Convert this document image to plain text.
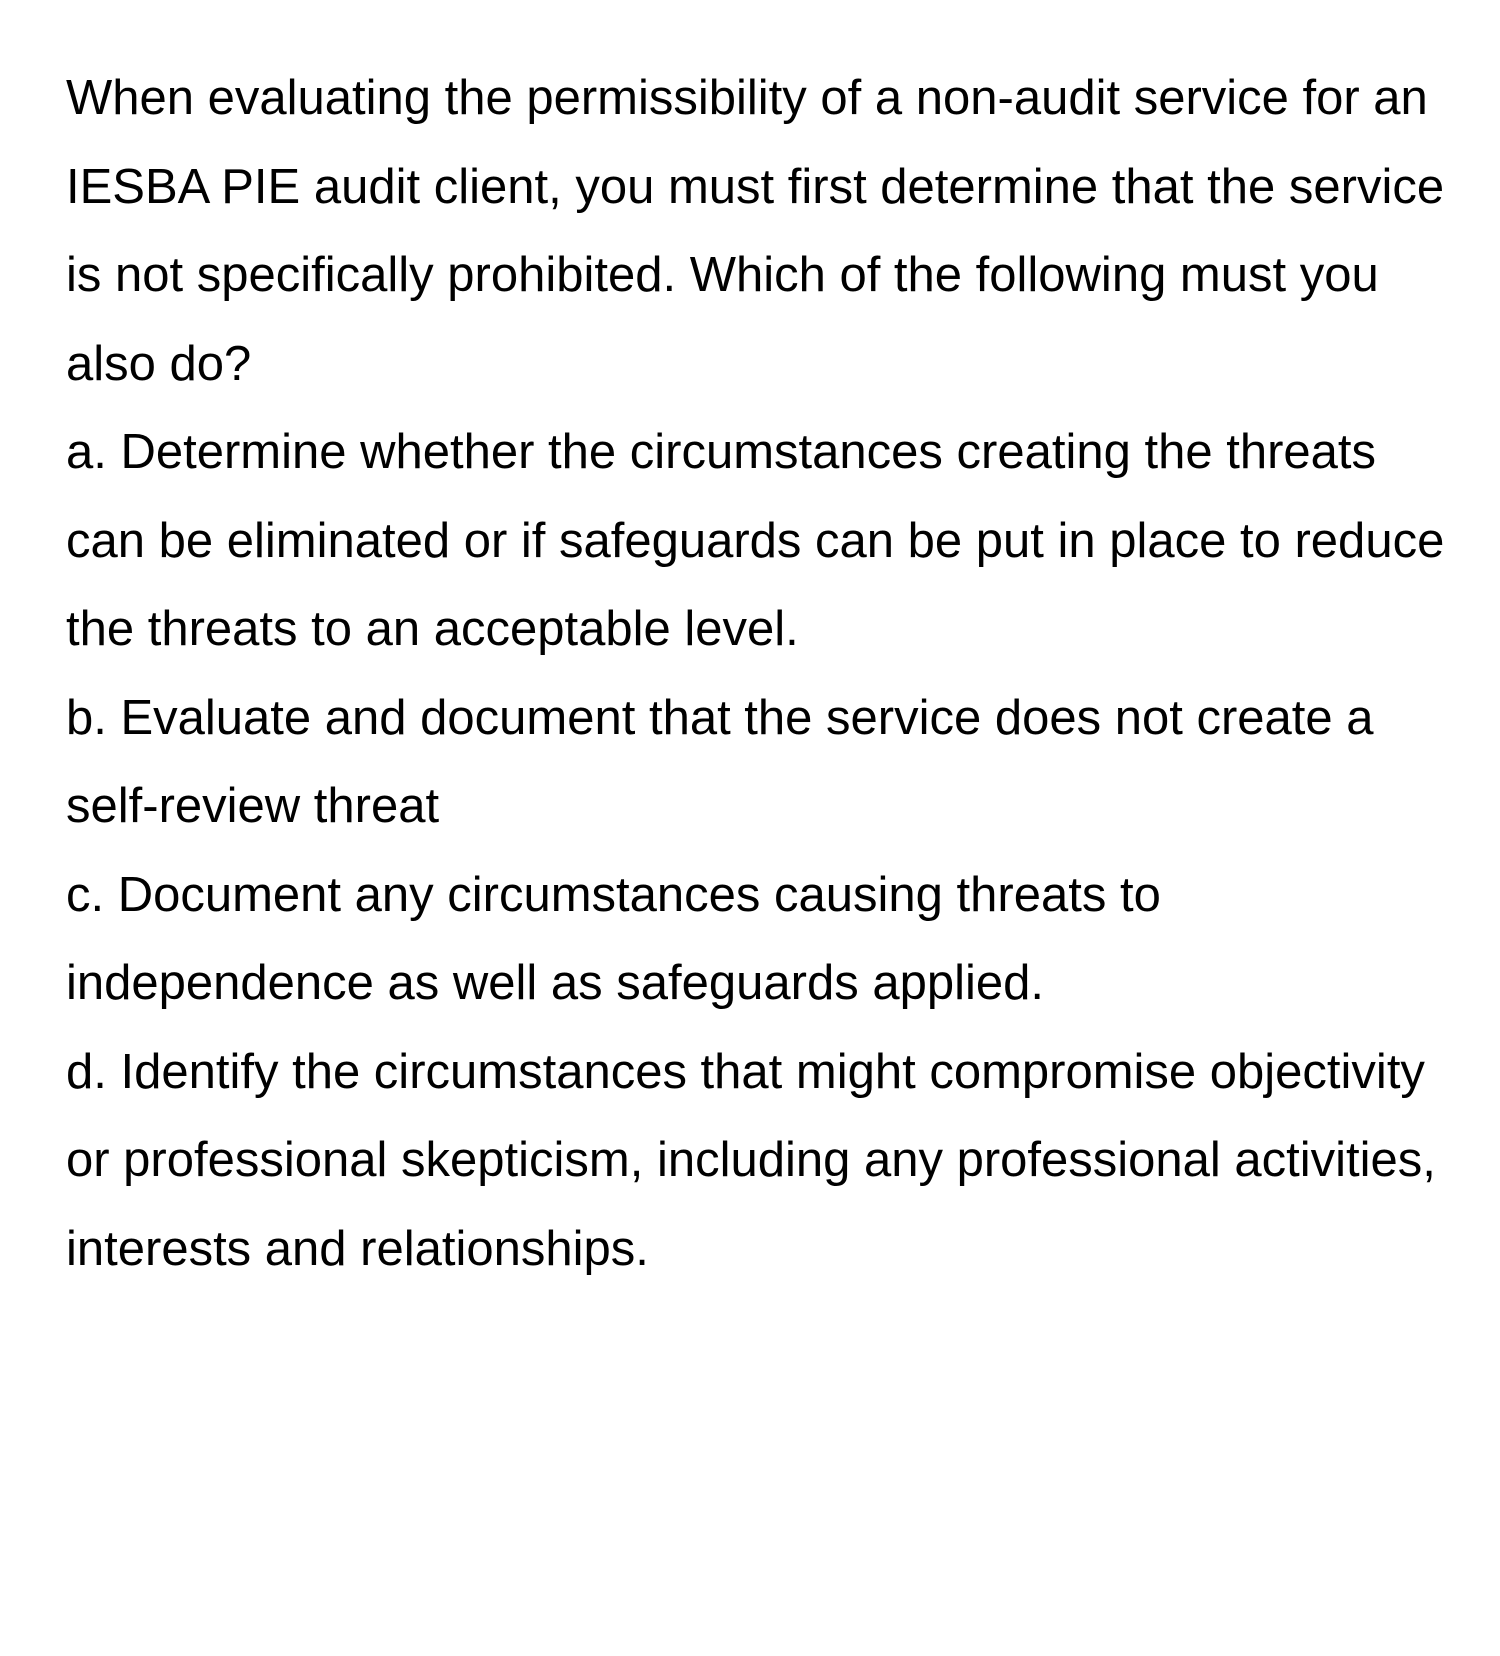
When evaluating the permissibility of a non-audit service for an IESBA PIE audit client, you must first determine that the service is not specifically prohibited. Which of the following must you also do?
a. Determine whether the circumstances creating the threats can be eliminated or if safeguards can be put in place to reduce the threats to an acceptable level.
b. Evaluate and document that the service does not create a self-review threat
c. Document any circumstances causing threats to independence as well as safeguards applied.
d. Identify the circumstances that might compromise objectivity or professional skepticism, including any professional activities, interests and relationships.
